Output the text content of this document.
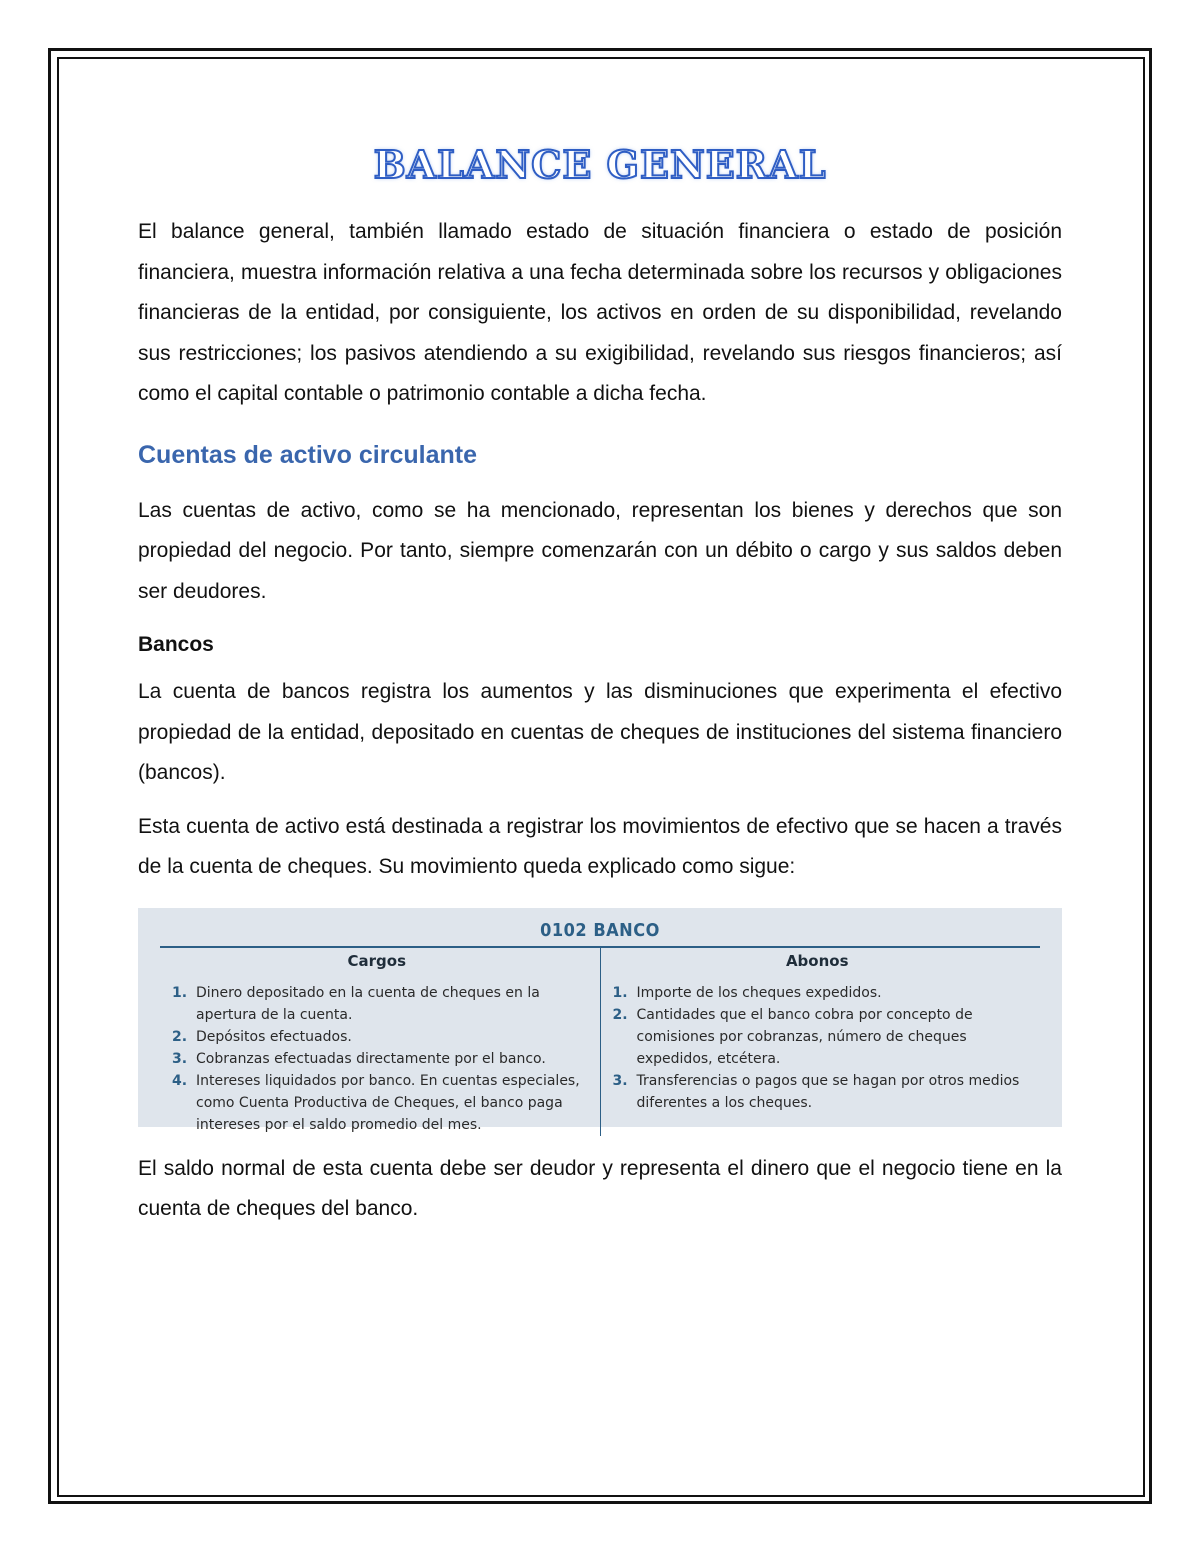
BALANCE GENERAL

El balance general, también llamado estado de situación financiera o estado de posición financiera, muestra información relativa a una fecha determinada sobre los recursos y obligaciones financieras de la entidad, por consiguiente, los activos en orden de su disponibilidad, revelando sus restricciones; los pasivos atendiendo a su exigibilidad, revelando sus riesgos financieros; así como el capital contable o patrimonio contable a dicha fecha.

Cuentas de activo circulante

Las cuentas de activo, como se ha mencionado, representan los bienes y derechos que son propiedad del negocio. Por tanto, siempre comenzarán con un débito o cargo y sus saldos deben ser deudores.

Bancos

La cuenta de bancos registra los aumentos y las disminuciones que experimenta el efectivo propiedad de la entidad, depositado en cuentas de cheques de instituciones del sistema financiero (bancos).

Esta cuenta de activo está destinada a registrar los movimientos de efectivo que se hacen a través de la cuenta de cheques. Su movimiento queda explicado como sigue:

0102 BANCO
Cargos
1. Dinero depositado en la cuenta de cheques en la apertura de la cuenta.
2. Depósitos efectuados.
3. Cobranzas efectuadas directamente por el banco.
4. Intereses liquidados por banco. En cuentas especiales, como Cuenta Productiva de Cheques, el banco paga intereses por el saldo promedio del mes.
Abonos
1. Importe de los cheques expedidos.
2. Cantidades que el banco cobra por concepto de comisiones por cobranzas, número de cheques expedidos, etcétera.
3. Transferencias o pagos que se hagan por otros medios diferentes a los cheques.

El saldo normal de esta cuenta debe ser deudor y representa el dinero que el negocio tiene en la cuenta de cheques del banco.
